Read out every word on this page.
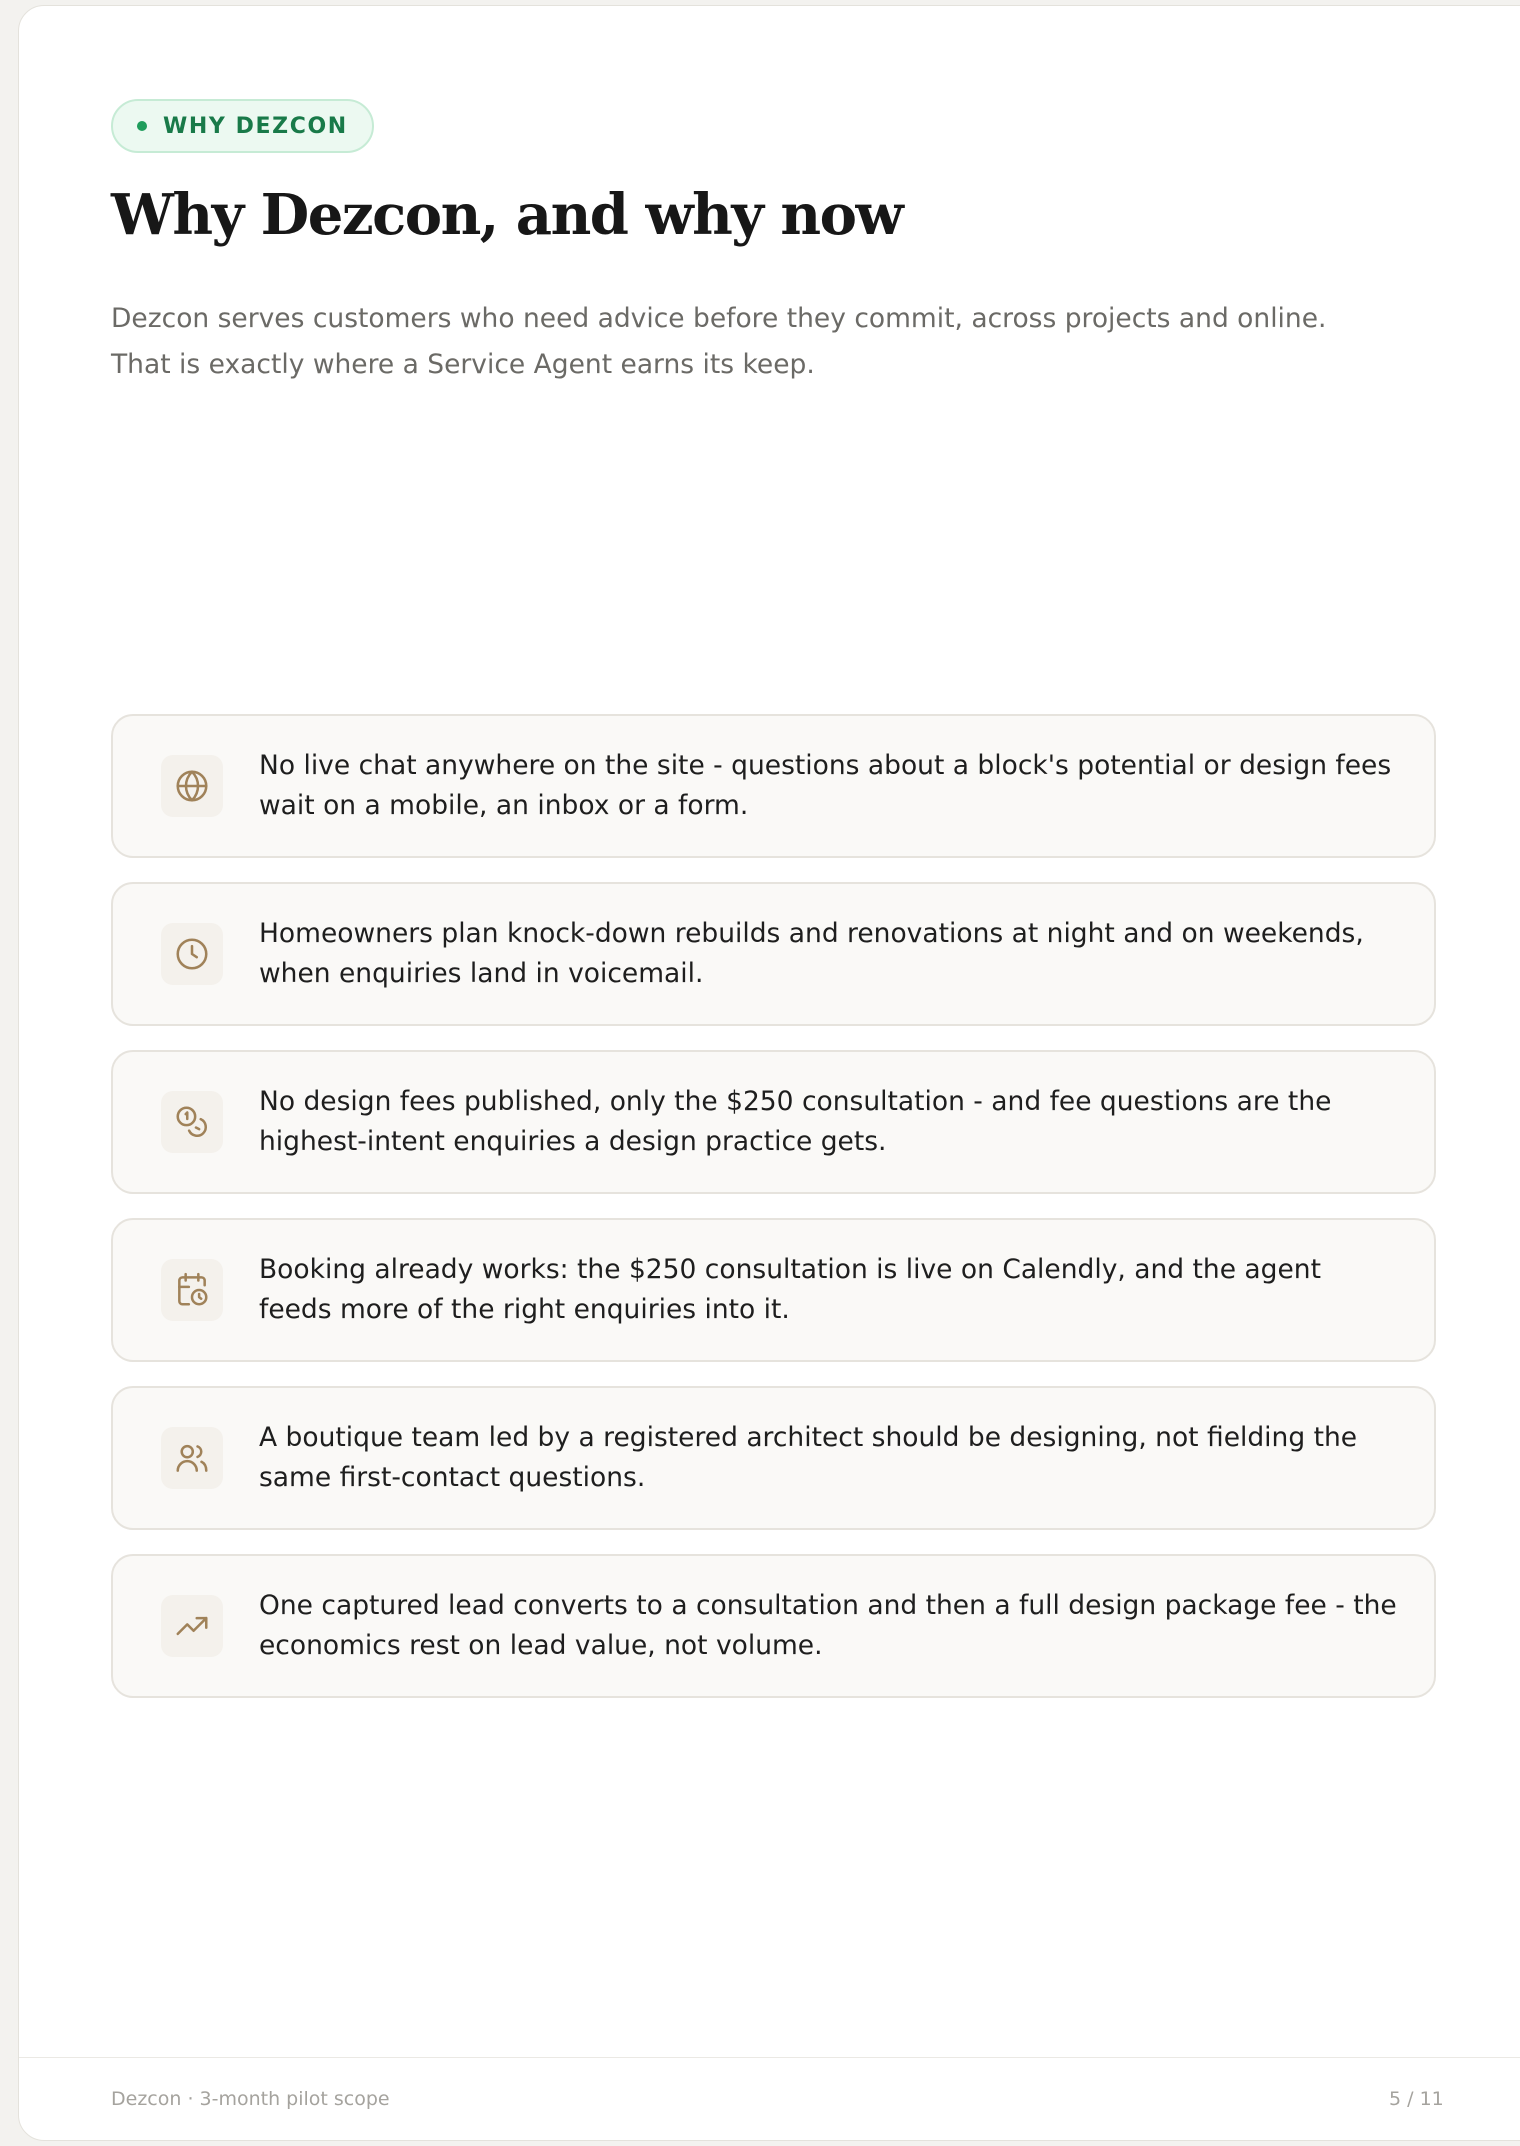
WHY DEZCON
Why Dezcon, and why now

Dezcon serves customers who need advice before they commit, across projects and online.

That is exactly where a Service Agent earns its keep.

No live chat anywhere on the site - questions about a block's potential or design fees wait on a mobile, an inbox or a form.
Homeowners plan knock-down rebuilds and renovations at night and on weekends, when enquiries land in voicemail.
No design fees published, only the $250 consultation - and fee questions are the highest-intent enquiries a design practice gets.
Booking already works: the $250 consultation is live on Calendly, and the agent feeds more of the right enquiries into it.
A boutique team led by a registered architect should be designing, not fielding the same first-contact questions.
One captured lead converts to a consultation and then a full design package fee - the economics rest on lead value, not volume.
Dezcon · 3-month pilot scope	5 / 11
